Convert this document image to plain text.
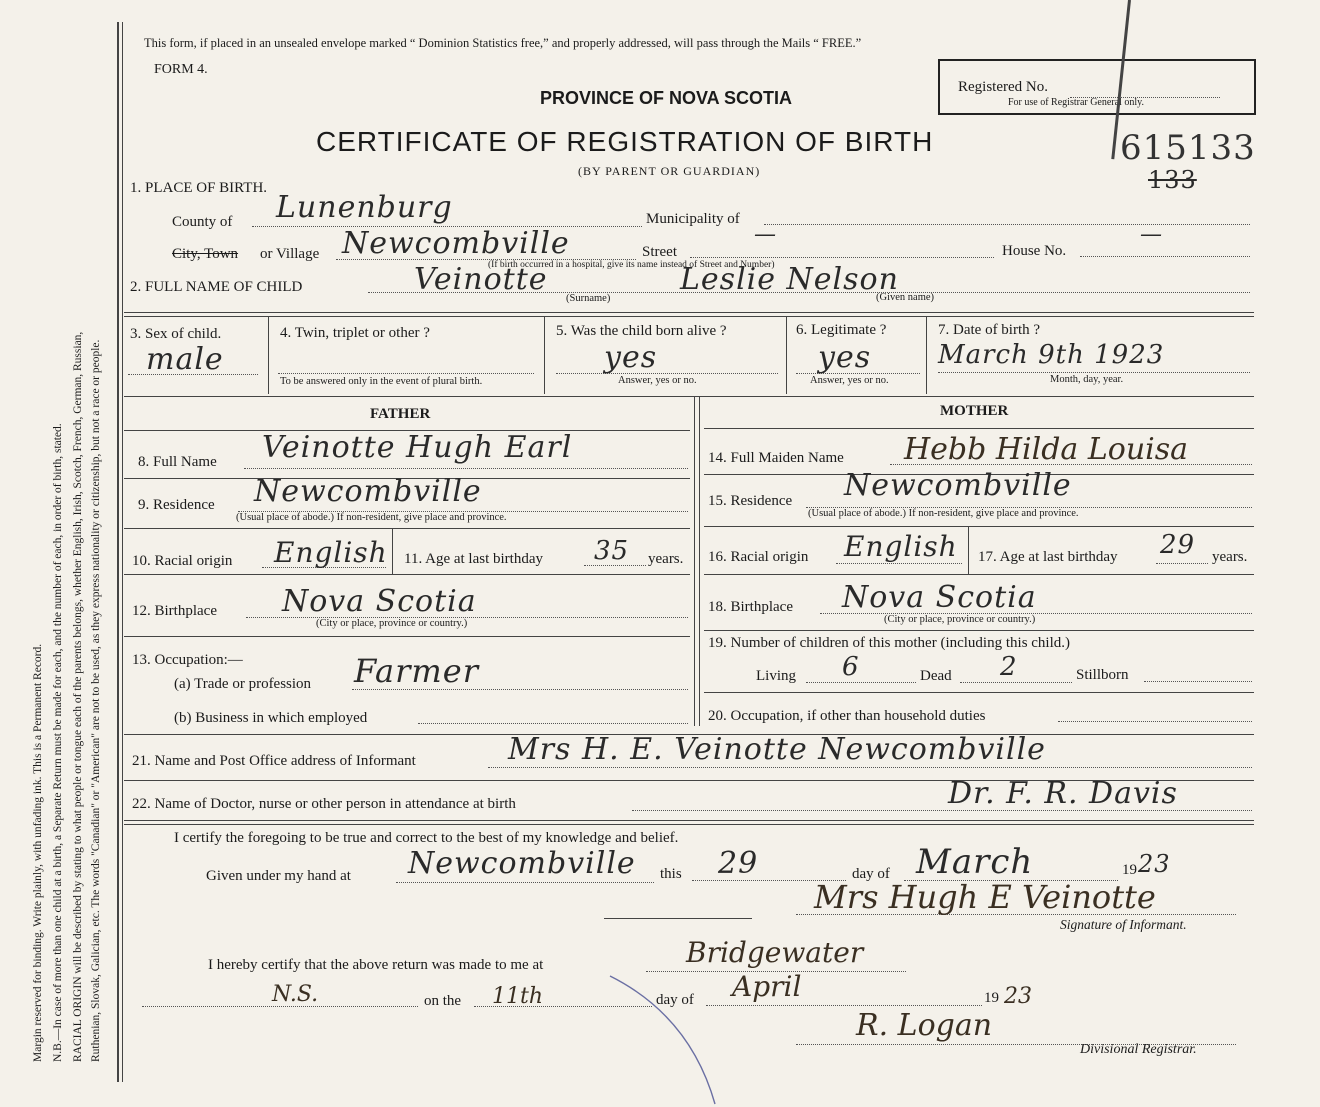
Margin reserved for binding. Write plainly, with unfading ink. This is a Permanent Record. N.B.—In case of more than one child at a birth, a Separate Return must be made for each, and the number of each, in order of birth, stated. RACIAL ORIGIN will be described by stating to what people or tongue each of the parents belongs, whether English, Irish, Scotch, French, German, Russian, Ruthenian, Slovak, Galician, etc. The words "Canadian" or "American" are not to be used, as they express nationality or citizenship, but not a race or people.
This form, if placed in an unsealed envelope marked “ Dominion Statistics free,” and properly addressed, will pass through the Mails “ FREE.”
FORM 4.
PROVINCE OF NOVA SCOTIA
CERTIFICATE OF REGISTRATION OF BIRTH
(BY PARENT OR GUARDIAN)
Registered No.
For use of Registrar General only.
615133
133
1. PLACE OF BIRTH.
County of Lunenburg	Municipality of
City, Town or Village Newcombville	Street
—
House No.
—
(If birth occurred in a hospital, give its name instead of Street and Number)
2. FULL NAME OF CHILD	Veinotte	Leslie Nelson
(Surname)	(Given name)
3. Sex of child.
male
4. Twin, triplet or other ?
To be answered only in the event of plural birth.
5. Was the child born alive ?
yes
Answer, yes or no.
6. Legitimate ?
yes
Answer, yes or no.
7. Date of birth ?
March 9th 1923
Month, day, year.
FATHER	MOTHER
8. Full Name Veinotte Hugh Earl	14. Full Maiden Name Hebb Hilda Louisa
9. Residence Newcombville
(Usual place of abode.) If non-resident, give place and province.
15. Residence Newcombville
(Usual place of abode.) If non-resident, give place and province.
10. Racial origin English 11. Age at last birthday 35 years. 16. Racial origin English 17. Age at last birthday 29 years.
12. Birthplace Nova Scotia
(City or place, province or country.)
18. Birthplace Nova Scotia
(City or place, province or country.)
13. Occupation:—
(a) Trade or profession Farmer
(b) Business in which employed
19. Number of children of this mother (including this child.)
Living 6	Dead 2	Stillborn
20. Occupation, if other than household duties
21. Name and Post Office address of Informant	Mrs H. E. Veinotte Newcombville
22. Name of Doctor, nurse or other person in attendance at birth	Dr. F. R. Davis
I certify the foregoing to be true and correct to the best of my knowledge and belief.
Given under my hand at Newcombville this 29	day of March	19 23
Mrs Hugh E Veinotte
Signature of Informant.
I hereby certify that the above return was made to me at	Bridgewater
N.S.	on the 11th	day of April	19 23
R. Logan
Divisional Registrar.
